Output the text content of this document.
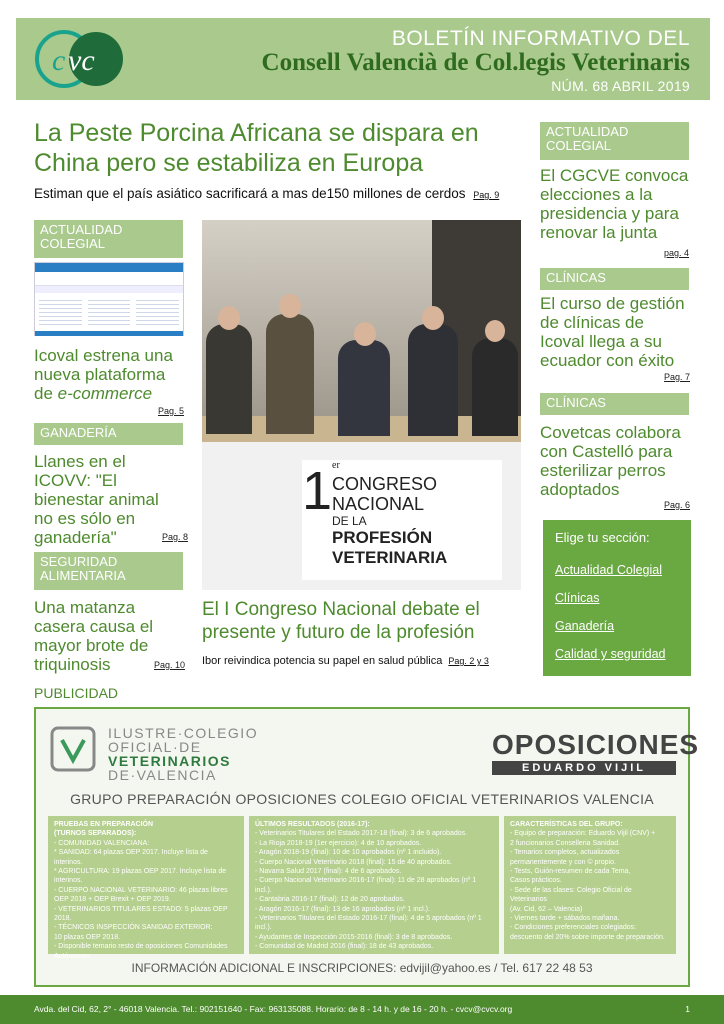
c vc
BOLETÍN INFORMATIVO DEL
Consell Valencià de Col.legis Veterinaris
NÚM. 68 ABRIL 2019
La Peste Porcina Africana se dispara en China pero se estabiliza en Europa
Estiman que el país asiático sacrificará a mas de150 millones de cerdos Pag. 9
ACTUALIDAD COLEGIAL
Icoval estrena una nueva plataforma de e-commerce
Pag. 5
GANADERÍA
Llanes en el ICOVV: "El bienestar animal no es sólo en ganadería"	Pag. 8
SEGURIDAD ALIMENTARIA
Una matanza casera causa el mayor brote de triquinosis	Pag. 10
1 er
CONGRESO
NACIONAL
DE LA
PROFESIÓN
VETERINARIA
El I Congreso Nacional debate el presente y futuro de la profesión
Ibor reivindica potencia su papel en salud pública Pag. 2 y 3
ACTUALIDAD COLEGIAL
El CGCVE convoca elecciones a la presidencia y para renovar la junta
pag. 4
CLÍNICAS
El curso de gestión de clínicas de Icoval llega a su ecuador con éxito
Pag. 7
CLÍNICAS
Covetcas colabora con Castelló para esterilizar perros adoptados
Pag. 6
Elige tu sección:
Actualidad Colegial
Clínicas
Ganadería
Calidad y seguridad
PUBLICIDAD
ILUSTRE·COLEGIO
OFICIAL·DE
VETERINARIOS
DE·VALENCIA
OPOSICIONES
EDUARDO VIJIL
GRUPO PREPARACIÓN OPOSICIONES COLEGIO OFICIAL VETERINARIOS VALENCIA
PRUEBAS EN PREPARACIÓN
(TURNOS SEPARADOS):
- COMUNIDAD VALENCIANA:
* SANIDAD: 64 plazas OEP 2017. Incluye lista de interinos.
* AGRICULTURA: 19 plazas OEP 2017. Incluye lista de interinos.
- CUERPO NACIONAL VETERINARIO: 46 plazas libres
OEP 2018 + OEP Brexit + OEP 2019.
- VETERINARIOS TITULARES ESTADO: 5 plazas OEP 2018.
- TÉCNICOS INSPECCIÓN SANIDAD EXTERIOR:
10 plazas OEP 2018.
- Disponible temario resto de oposiciones Comunidades
Autónomas.
ÚLTIMOS RESULTADOS (2016-17):
- Veterinarios Titulares del Estado 2017-18 (final): 3 de 6 aprobados.
- La Rioja 2018-19 (1er ejercicio): 4 de 10 aprobados.
- Aragón 2018-19 (final): 10 de 10 aprobados (nº 1 incluido).
- Cuerpo Nacional Veterinario 2018 (final): 15 de 40 aprobados.
- Navarra Salud 2017 (final): 4 de 6 aprobados.
- Cuerpo Nacional Veterinario 2016-17 (final): 11 de 28 aprobados (nº 1 incl.).
- Cantabria 2016-17 (final): 12 de 20 aprobados.
- Aragón 2016-17 (final): 13 de 16 aprobados (nº 1 incl.).
- Veterinarios Titulares del Estado 2016-17 (final): 4 de 5 aprobados (nº 1 incl.).
- Ayudantes de Inspección 2015-2016 (final): 3 de 8 aprobados.
- Comunidad de Madrid 2016 (final): 18 de 43 aprobados.
CARACTERÍSTICAS DEL GRUPO:
- Equipo de preparación: Eduardo Vijil (CNV) +
2 funcionarios Conselleria Sanidad.
- Temarios completos, actualizados
permanentemente y con © propio.
- Tests, Guión-resumen de cada Tema,
Casos prácticos.
- Sede de las clases: Colegio Oficial de Veterinarios
(Av. Cid, 62 – Valencia)
- Viernes tarde + sábados mañana.
- Condiciones preferenciales colegiados:
descuento del 20% sobre importe de preparación.
INFORMACIÓN ADICIONAL E INSCRIPCIONES: edvijil@yahoo.es / Tel. 617 22 48 53
Avda. del Cid, 62, 2° - 46018 Valencia. Tel.: 902151640 - Fax: 963135088. Horario: de 8 - 14 h. y de 16 - 20 h. - cvcv@cvcv.org	1
